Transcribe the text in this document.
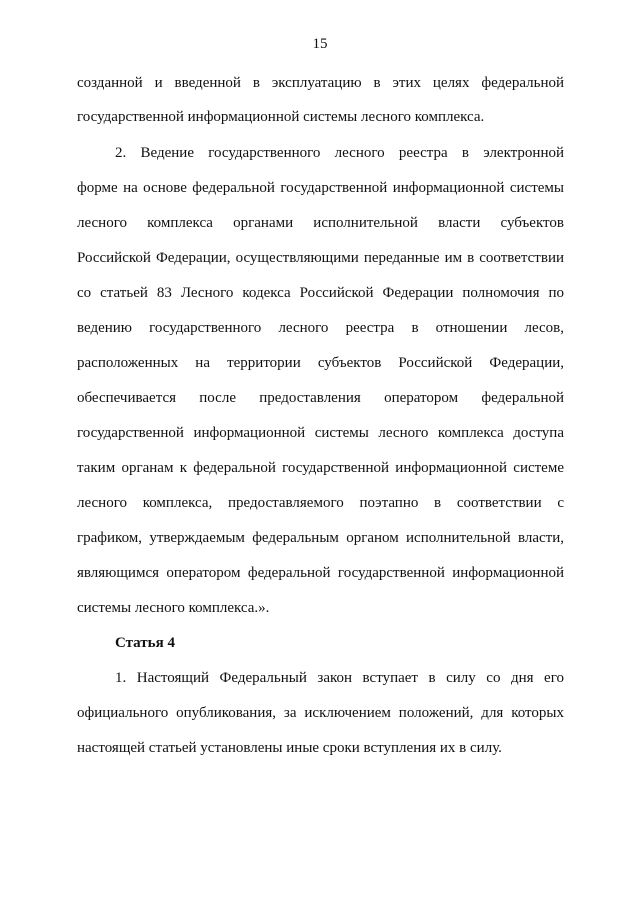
15
созданной и введенной в эксплуатацию в этих целях федеральной
государственной информационной системы лесного комплекса.
2. Ведение государственного лесного реестра в электронной
форме на основе федеральной государственной информационной системы
лесного комплекса органами исполнительной власти субъектов
Российской Федерации, осуществляющими переданные им в соответствии
со статьей 83 Лесного кодекса Российской Федерации полномочия по
ведению государственного лесного реестра в отношении лесов,
расположенных на территории субъектов Российской Федерации,
обеспечивается после предоставления оператором федеральной
государственной информационной системы лесного комплекса доступа
таким органам к федеральной государственной информационной системе
лесного комплекса, предоставляемого поэтапно в соответствии с
графиком, утверждаемым федеральным органом исполнительной власти,
являющимся оператором федеральной государственной информационной
системы лесного комплекса.».
Статья 4
1. Настоящий Федеральный закон вступает в силу со дня его
официального опубликования, за исключением положений, для которых
настоящей статьей установлены иные сроки вступления их в силу.
